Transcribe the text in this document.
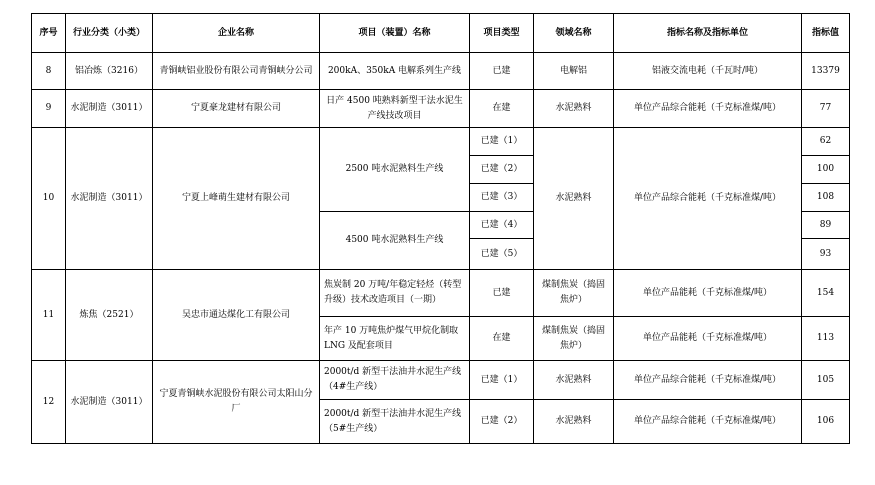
序号	行业分类（小类）	企业名称	项目（装置）名称	项目类型	领域名称	指标名称及指标单位	指标值
8	铝冶炼（3216）	青铜峡铝业股份有限公司青铜峡分公司	200kA、350kA 电解系列生产线	已建	电解铝	铝液交流电耗（千瓦时/吨）	13379
9	水泥制造（3011）	宁夏豪龙建材有限公司	日产 4500 吨熟料新型干法水泥生产线技改项目	在建	水泥熟料	单位产品综合能耗（千克标准煤/吨）	77
10	水泥制造（3011）	宁夏上峰萌生建材有限公司	2500 吨水泥熟料生产线	已建（1）	水泥熟料	单位产品综合能耗（千克标准煤/吨）	62
				已建（2）			100
				已建（3）			108
			4500 吨水泥熟料生产线	已建（4）			89
				已建（5）			93
11	炼焦（2521）	吴忠市通达煤化工有限公司	焦炭制 20 万吨/年稳定轻烃（转型升级）技术改造项目（一期）	已建	煤制焦炭（捣固焦炉）	单位产品能耗（千克标准煤/吨）	154
			年产 10 万吨焦炉煤气甲烷化制取 LNG 及配套项目	在建	煤制焦炭（捣固焦炉）	单位产品能耗（千克标准煤/吨）	113
12	水泥制造（3011）	宁夏青铜峡水泥股份有限公司太阳山分厂	2000t/d 新型干法油井水泥生产线（4#生产线）	已建（1）	水泥熟料	单位产品综合能耗（千克标准煤/吨）	105
			2000t/d 新型干法油井水泥生产线（5#生产线）	已建（2）	水泥熟料	单位产品综合能耗（千克标准煤/吨）	106
